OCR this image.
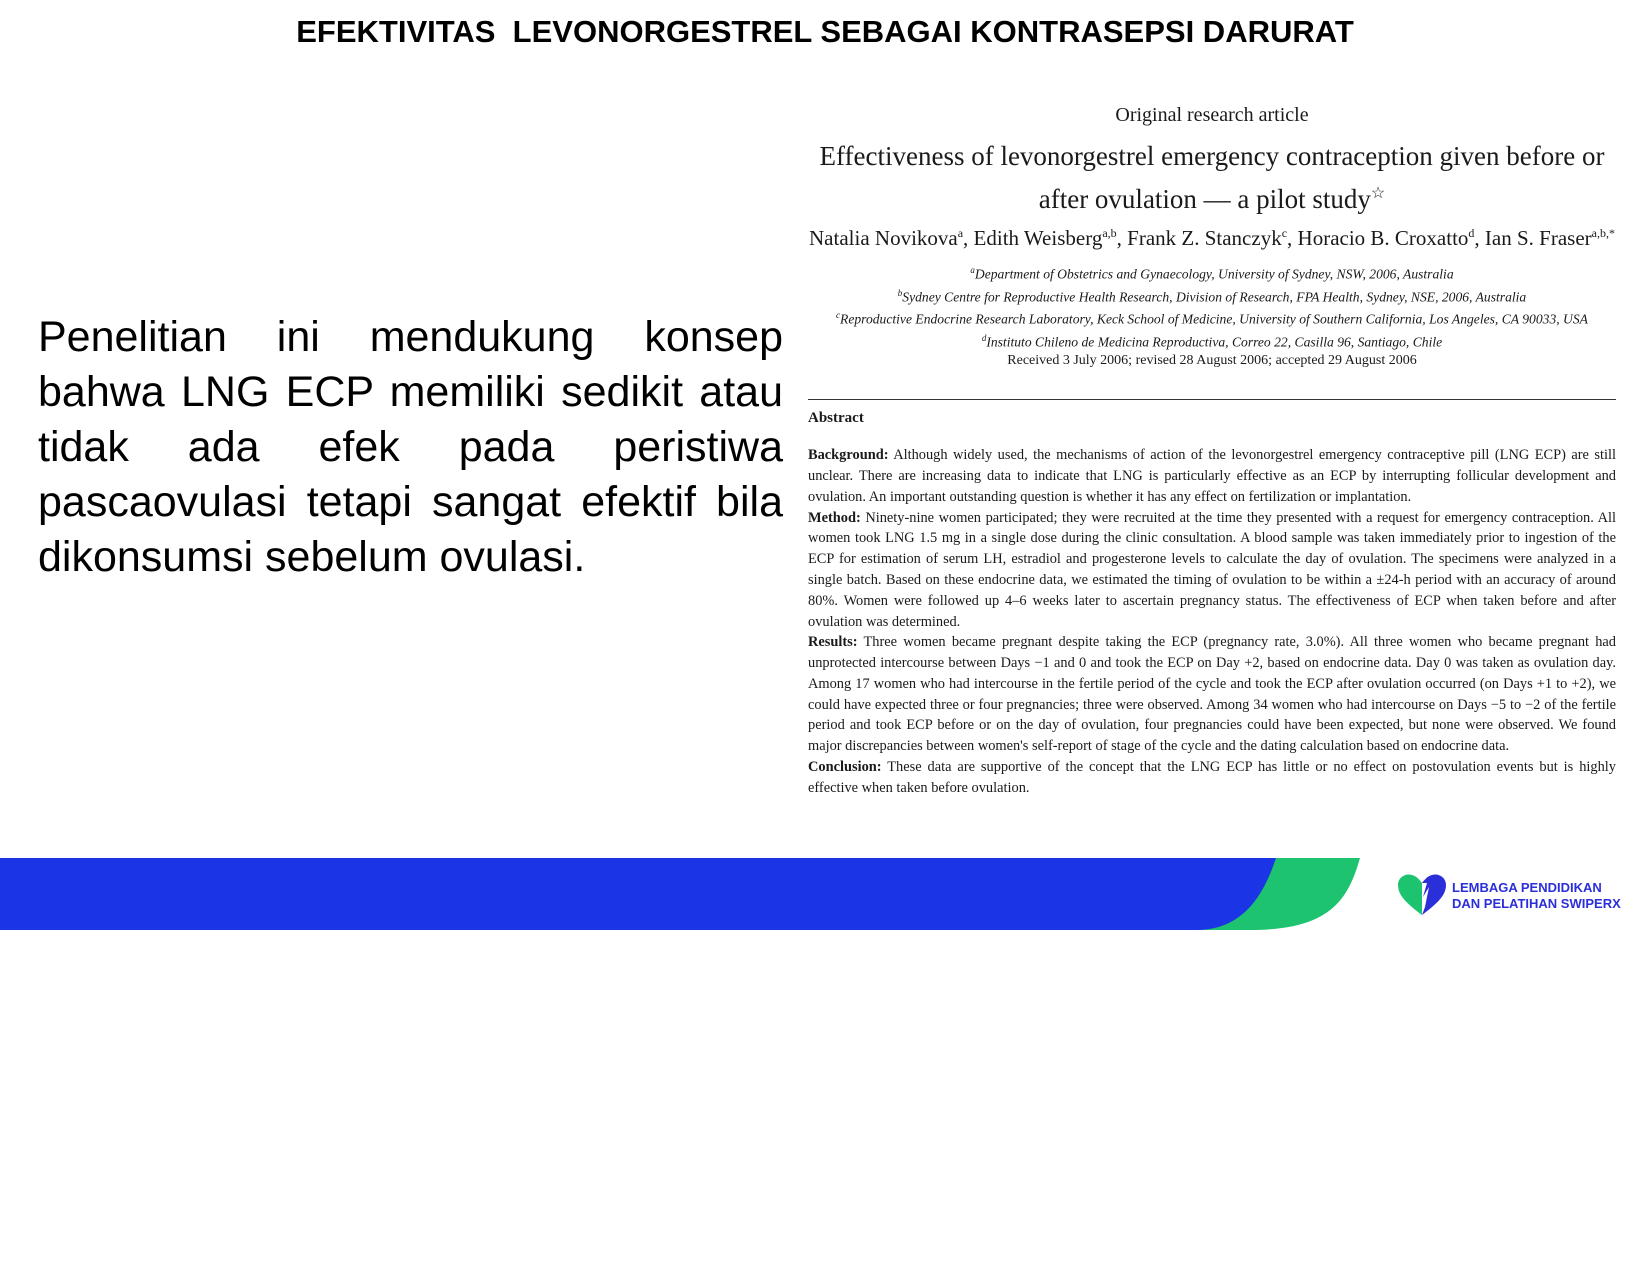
EFEKTIVITAS  LEVONORGESTREL SEBAGAI KONTRASEPSI DARURAT
Penelitian ini mendukung konsep bahwa LNG ECP memiliki sedikit atau tidak ada efek pada peristiwa pascaovulasi tetapi sangat efektif bila dikonsumsi sebelum ovulasi.

Original research article

Effectiveness of levonorgestrel emergency contraception given before or after ovulation — a pilot study☆

Natalia Novikova$^a$, Edith Weisberg$^{a,b}$, Frank Z. Stanczyk$^c$, Horacio B. Croxatto$^d$, Ian S. Fraser$^{a,b,*}$
$^a$Department of Obstetrics and Gynaecology, University of Sydney, NSW, 2006, Australia
$^b$Sydney Centre for Reproductive Health Research, Division of Research, FPA Health, Sydney, NSE, 2006, Australia
$^c$Reproductive Endocrine Research Laboratory, Keck School of Medicine, University of Southern California, Los Angeles, CA 90033, USA
$^d$Instituto Chileno de Medicina Reproductiva, Correo 22, Casilla 96, Santiago, Chile
Received 3 July 2006; revised 28 August 2006; accepted 29 August 2006

Abstract

Background: Although widely used, the mechanisms of action of the levonorgestrel emergency contraceptive pill (LNG ECP) are still unclear. There are increasing data to indicate that LNG is particularly effective as an ECP by interrupting follicular development and ovulation. An important outstanding question is whether it has any effect on fertilization or implantation.

Method: Ninety-nine women participated; they were recruited at the time they presented with a request for emergency contraception. All women took LNG 1.5 mg in a single dose during the clinic consultation. A blood sample was taken immediately prior to ingestion of the ECP for estimation of serum LH, estradiol and progesterone levels to calculate the day of ovulation. The specimens were analyzed in a single batch. Based on these endocrine data, we estimated the timing of ovulation to be within a ±24-h period with an accuracy of around 80%. Women were followed up 4–6 weeks later to ascertain pregnancy status. The effectiveness of ECP when taken before and after ovulation was determined.

Results: Three women became pregnant despite taking the ECP (pregnancy rate, 3.0%). All three women who became pregnant had unprotected intercourse between Days −1 and 0 and took the ECP on Day +2, based on endocrine data. Day 0 was taken as ovulation day. Among 17 women who had intercourse in the fertile period of the cycle and took the ECP after ovulation occurred (on Days +1 to +2), we could have expected three or four pregnancies; three were observed. Among 34 women who had intercourse on Days −5 to −2 of the fertile period and took ECP before or on the day of ovulation, four pregnancies could have been expected, but none were observed. We found major discrepancies between women's self-report of stage of the cycle and the dating calculation based on endocrine data.

Conclusion: These data are supportive of the concept that the LNG ECP has little or no effect on postovulation events but is highly effective when taken before ovulation.

LEMBAGA PENDIDIKAN
DAN PELATIHAN SWIPERX
